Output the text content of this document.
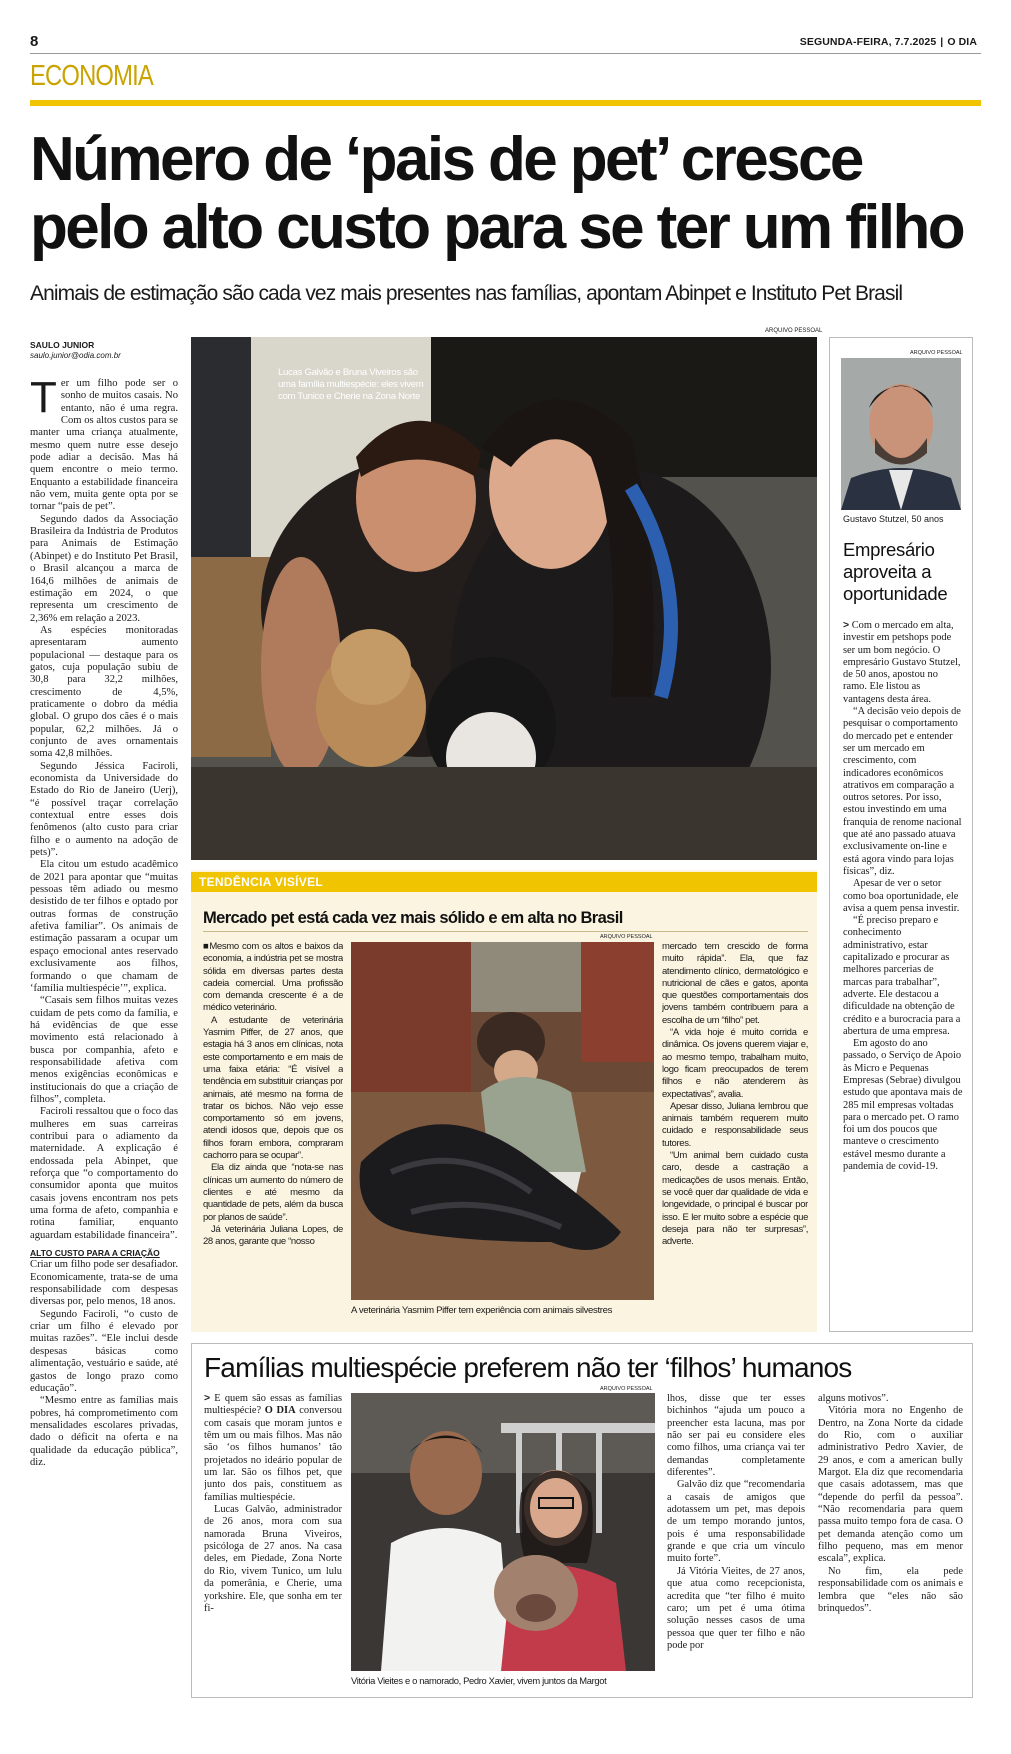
8	SEGUNDA-FEIRA, 7.7.2025 | O DIA
ECONOMIA
Número de ‘pais de pet’ cresce
pelo alto custo para se ter um filho
Animais de estimação são cada vez mais presentes nas famílias, apontam Abinpet e Instituto Pet Brasil
SAULO JUNIOR
saulo.junior@odia.com.br

Ter um filho pode ser o sonho de muitos casais. No entanto, não é uma regra. Com os altos custos para se manter uma criança atualmente, mesmo quem nutre esse desejo pode adiar a decisão. Mas há quem encontre o meio termo. Enquanto a estabilidade financeira não vem, muita gente opta por se tornar “pais de pet”.

Segundo dados da Associação Brasileira da Indústria de Produtos para Animais de Estimação (Abinpet) e do Instituto Pet Brasil, o Brasil alcançou a marca de 164,6 milhões de animais de estimação em 2024, o que representa um crescimento de 2,36% em relação a 2023.

As espécies monitoradas apresentaram aumento populacional — destaque para os gatos, cuja população subiu de 30,8 para 32,2 milhões, crescimento de 4,5%, praticamente o dobro da média global. O grupo dos cães é o mais popular, 62,2 milhões. Já o conjunto de aves ornamentais soma 42,8 milhões.

Segundo Jéssica Faciroli, economista da Universidade do Estado do Rio de Janeiro (Uerj), “é possível traçar correlação contextual entre esses dois fenômenos (alto custo para criar filho e o aumento na adoção de pets)”.

Ela citou um estudo acadêmico de 2021 para apontar que “muitas pessoas têm adiado ou mesmo desistido de ter filhos e optado por outras formas de construção afetiva familiar”. Os animais de estimação passaram a ocupar um espaço emocional antes reservado exclusivamente aos filhos, formando o que chamam de ‘família multiespécie’”, explica.

“Casais sem filhos muitas vezes cuidam de pets como da família, e há evidências de que esse movimento está relacionado à busca por companhia, afeto e responsabilidade afetiva com menos exigências econômicas e institucionais do que a criação de filhos”, completa.

Faciroli ressaltou que o foco das mulheres em suas carreiras contribui para o adiamento da maternidade. A explicação é endossada pela Abinpet, que reforça que “o comportamento do consumidor aponta que muitos casais jovens encontram nos pets uma forma de afeto, companhia e rotina familiar, enquanto aguardam estabilidade financeira”.

ALTO CUSTO PARA A CRIAÇÃO

Criar um filho pode ser desafiador. Economicamente, trata-se de uma responsabilidade com despesas diversas por, pelo menos, 18 anos.

Segundo Faciroli, “o custo de criar um filho é elevado por muitas razões”. “Ele inclui desde despesas básicas como alimentação, vestuário e saúde, até gastos de longo prazo como educação”.

“Mesmo entre as famílias mais pobres, há comprometimento com mensalidades escolares privadas, dado o déficit na oferta e na qualidade da educação pública”, diz.

ARQUIVO PESSOAL
Lucas Galvão e Bruna Viveiros são uma família multiespécie: eles vivem com Tunico e Cherie na Zona Norte
ARQUIVO PESSOAL
Gustavo Stutzel, 50 anos
Empresário aproveita a oportunidade

> Com o mercado em alta, investir em petshops pode ser um bom negócio. O empresário Gustavo Stutzel, de 50 anos, apostou no ramo. Ele listou as vantagens desta área.

“A decisão veio depois de pesquisar o comportamento do mercado pet e entender ser um mercado em crescimento, com indicadores econômicos atrativos em comparação a outros setores. Por isso, estou investindo em uma franquia de renome nacional que até ano passado atuava exclusivamente on-line e está agora vindo para lojas físicas”, diz.

Apesar de ver o setor como boa oportunidade, ele avisa a quem pensa investir.

“É preciso preparo e conhecimento administrativo, estar capitalizado e procurar as melhores parcerias de marcas para trabalhar”, adverte. Ele destacou a dificuldade na obtenção de crédito e a burocracia para a abertura de uma empresa.

Em agosto do ano passado, o Serviço de Apoio às Micro e Pequenas Empresas (Sebrae) divulgou estudo que apontava mais de 285 mil empresas voltadas para o mercado pet. O ramo foi um dos poucos que manteve o crescimento estável mesmo durante a pandemia de covid-19.

TENDÊNCIA VISÍVEL
Mercado pet está cada vez mais sólido e em alta no Brasil

■Mesmo com os altos e baixos da economia, a indústria pet se mostra sólida em diversas partes desta cadeia comercial. Uma profissão com demanda crescente é a de médico veterinário.

A estudante de veterinária Yasmim Piffer, de 27 anos, que estagia há 3 anos em clínicas, nota este comportamento e em mais de uma faixa etária: “É visível a tendência em substituir crianças por animais, até mesmo na forma de tratar os bichos. Não vejo esse comportamento só em jovens, atendi idosos que, depois que os filhos foram embora, compraram cachorro para se ocupar”.

Ela diz ainda que “nota-se nas clínicas um aumento do número de clientes e até mesmo da quantidade de pets, além da busca por planos de saúde”.

Já veterinária Juliana Lopes, de 28 anos, garante que “nosso

ARQUIVO PESSOAL
A veterinária Yasmim Piffer tem experiência com animais silvestres

mercado tem crescido de forma muito rápida”. Ela, que faz atendimento clínico, dermatológico e nutricional de cães e gatos, aponta que questões comportamentais dos jovens também contribuem para a escolha de um “filho” pet.

“A vida hoje é muito corrida e dinâmica. Os jovens querem viajar e, ao mesmo tempo, trabalham muito, logo ficam preocupados de terem filhos e não atenderem às expectativas”, avalia.

Apesar disso, Juliana lembrou que animais também requerem muito cuidado e responsabilidade seus tutores.

“Um animal bem cuidado custa caro, desde a castração a medicações de usos menais. Então, se você quer dar qualidade de vida e longevidade, o principal é buscar por isso. E ler muito sobre a espécie que deseja para não ter surpresas”, adverte.

Famílias multiespécie preferem não ter ‘filhos’ humanos

> E quem são essas as famílias multiespécie? O DIA conversou com casais que moram juntos e têm um ou mais filhos. Mas não são ‘os filhos humanos’ tão projetados no ideário popular de um lar. São os filhos pet, que junto dos pais, constituem as famílias multiespécie.

Lucas Galvão, administrador de 26 anos, mora com sua namorada Bruna Viveiros, psicóloga de 27 anos. Na casa deles, em Piedade, Zona Norte do Rio, vivem Tunico, um lulu da pomerânia, e Cherie, uma yorkshire. Ele, que sonha em ter fi-

ARQUIVO PESSOAL
Vitória Vieites e o namorado, Pedro Xavier, vivem juntos da Margot

lhos, disse que ter esses bichinhos “ajuda um pouco a preencher esta lacuna, mas por não ser pai eu considere eles como filhos, uma criança vai ter demandas completamente diferentes”.

Galvão diz que “recomendaria a casais de amigos que adotassem um pet, mas depois de um tempo morando juntos, pois é uma responsabilidade grande e que cria um vínculo muito forte”.

Já Vitória Vieites, de 27 anos, que atua como recepcionista, acredita que “ter filho é muito caro; um pet é uma ótima solução nesses casos de uma pessoa que quer ter filho e não pode por

alguns motivos”.

Vitória mora no Engenho de Dentro, na Zona Norte da cidade do Rio, com o auxiliar administrativo Pedro Xavier, de 29 anos, e com a american bully Margot. Ela diz que recomendaria que casais adotassem, mas que “depende do perfil da pessoa”. “Não recomendaria para quem passa muito tempo fora de casa. O pet demanda atenção como um filho pequeno, mas em menor escala”, explica.

No fim, ela pede responsabilidade com os animais e lembra que “eles não são brinquedos”.
